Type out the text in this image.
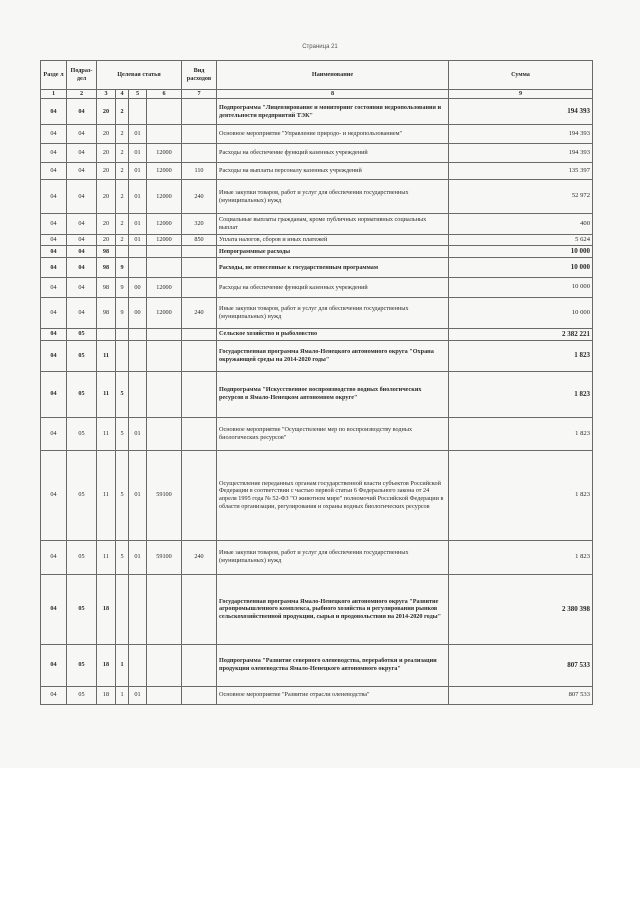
Страница 21
Разде л	Подраз- дел	Целевая статья				Вид расходов	Наименование	Сумма
1	2	3	4	5	6	7	8	9
04	04	20	2				Подпрограмма "Лицензирование и мониторинг состояния недропользования и деятельности предприятий ТЭК"	194 393
04	04	20	2	01			Основное мероприятие "Управление природо- и недропользованием"	194 393
04	04	20	2	01	12000		Расходы на обеспечение функций казенных учреждений	194 393
04	04	20	2	01	12000	110	Расходы на выплаты персоналу казенных учреждений	135 397
04	04	20	2	01	12000	240	Иные закупки товаров, работ и услуг для обеспечения государственных (муниципальных) нужд	52 972
04	04	20	2	01	12000	320	Социальные выплаты гражданам, кроме публичных нормативных социальных выплат	400
04	04	20	2	01	12000	850	Уплата налогов, сборов и иных платежей	5 624
04	04	98					Непрограммные расходы	10 000
04	04	98	9				Расходы, не отнесенные к государственным программам	10 000
04	04	98	9	00	12000		Расходы на обеспечение функций казенных учреждений	10 000
04	04	98	9	00	12000	240	Иные закупки товаров, работ и услуг для обеспечения государственных (муниципальных) нужд	10 000
04	05						Сельское хозяйство и рыболовство	2 382 221
04	05	11					Государственная программа Ямало-Ненецкого автономного округа "Охрана окружающей среды на 2014-2020 годы"	1 823
04	05	11	5				Подпрограмма "Искусственное воспроизводство водных биологических ресурсов в Ямало-Ненецком автономном округе"	1 823
04	05	11	5	01			Основное мероприятие "Осуществление мер по воспроизводству водных биологических ресурсов"	1 823
04	05	11	5	01	59100		Осуществление переданных органам государственной власти субъектов Российской Федерации в соответствии с частью первой статьи 6 Федерального закона от 24 апреля 1995 года № 52-ФЗ "О животном мире" полномочий Российской Федерации в области организации, регулирования и охраны водных биологических ресурсов	1 823
04	05	11	5	01	59100	240	Иные закупки товаров, работ и услуг для обеспечения государственных (муниципальных) нужд	1 823
04	05	18					Государственная программа Ямало-Ненецкого автономного округа "Развитие агропромышленного комплекса, рыбного хозяйства и регулирования рынков сельскохозяйственной продукции, сырья и продовольствия на 2014-2020 годы"	2 380 398
04	05	18	1				Подпрограмма "Развитие северного оленеводства, переработки и реализации продукции оленеводства Ямало-Ненецкого автономного округа"	807 533
04	05	18	1	01			Основное мероприятие "Развитие отрасли оленеводства"	807 533
